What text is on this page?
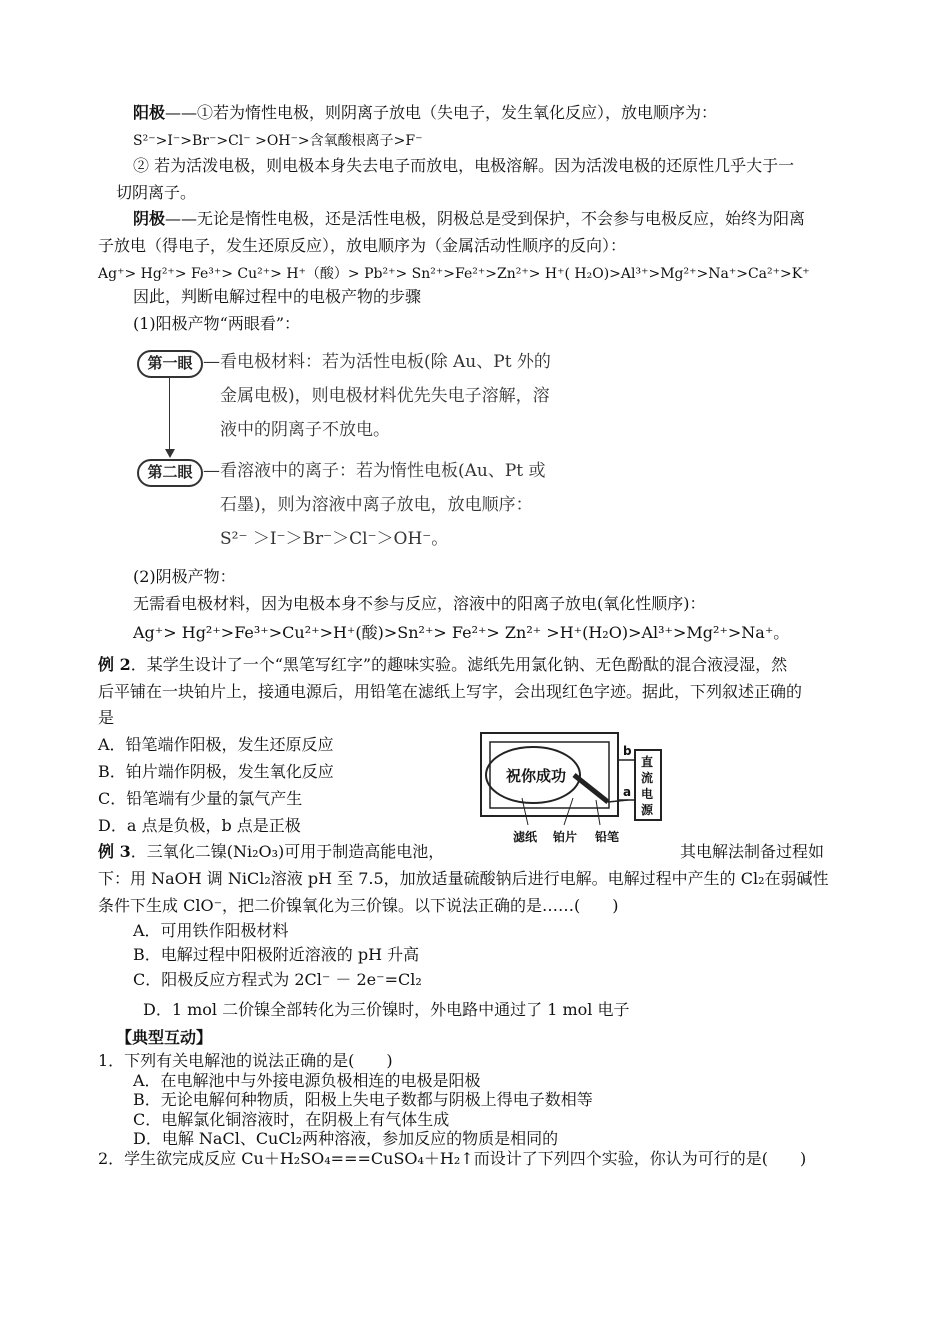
阳极——①若为惰性电极，则阴离子放电（失电子，发生氧化反应），放电顺序为：
S²⁻>I⁻>Br⁻>Cl⁻ >OH⁻>含氧酸根离子>F⁻
② 若为活泼电极，则电极本身失去电子而放电，电极溶解。因为活泼电极的还原性几乎大于一
切阴离子。
阴极——无论是惰性电极，还是活性电极，阴极总是受到保护，不会参与电极反应，始终为阳离
子放电（得电子，发生还原反应），放电顺序为（金属活动性顺序的反向）：
Ag⁺> Hg²⁺> Fe³⁺> Cu²⁺> H⁺（酸）> Pb²⁺> Sn²⁺>Fe²⁺>Zn²⁺> H⁺( H₂O)>Al³⁺>Mg²⁺>Na⁺>Ca²⁺>K⁺
因此，判断电解过程中的电极产物的步骤
(1)阳极产物“两眼看”：
第一眼 —看电极材料：若为活性电板(除 Au、Pt 外的
金属电极)，则电极材料优先失电子溶解，溶
液中的阴离子不放电。
第二眼 —看溶液中的离子：若为惰性电板(Au、Pt 或
石墨)，则为溶液中离子放电，放电顺序：
S²⁻ ＞I⁻＞Br⁻＞Cl⁻＞OH⁻。
(2)阴极产物：
无需看电极材料，因为电极本身不参与反应，溶液中的阳离子放电(氧化性顺序)：
Ag⁺> Hg²⁺>Fe³⁺>Cu²⁺>H⁺(酸)>Sn²⁺> Fe²⁺> Zn²⁺ >H⁺(H₂O)>Al³⁺>Mg²⁺>Na⁺。
例 2．某学生设计了一个“黑笔写红字”的趣味实验。滤纸先用氯化钠、无色酚酞的混合液浸湿，然
后平铺在一块铂片上，接通电源后，用铅笔在滤纸上写字，会出现红色字迹。据此，下列叙述正确的
是
A．铅笔端作阳极，发生还原反应
B．铂片端作阴极，发生氧化反应
C．铅笔端有少量的氯气产生
D．a 点是负极，b 点是正极
祝你成功
直 流 电 源
b
a
滤纸 铂片 铅笔
例 3．三氧化二镍(Ni₂O₃)可用于制造高能电池，	其电解法制备过程如
下：用 NaOH 调 NiCl₂溶液 pH 至 7.5，加放适量硫酸钠后进行电解。电解过程中产生的 Cl₂在弱碱性
条件下生成 ClO⁻，把二价镍氧化为三价镍。以下说法正确的是……(　　)
A．可用铁作阳极材料
B．电解过程中阳极附近溶液的 pH 升高
C．阳极反应方程式为 2Cl⁻ － 2e⁻=Cl₂
D．1 mol 二价镍全部转化为三价镍时，外电路中通过了 1 mol 电子
【典型互动】
1．下列有关电解池的说法正确的是(　　)
A．在电解池中与外接电源负极相连的电极是阳极
B．无论电解何种物质，阳极上失电子数都与阴极上得电子数相等
C．电解氯化铜溶液时，在阴极上有气体生成
D．电解 NaCl、CuCl₂两种溶液，参加反应的物质是相同的
2．学生欲完成反应 Cu＋H₂SO₄===CuSO₄＋H₂↑而设计了下列四个实验，你认为可行的是(　　)
